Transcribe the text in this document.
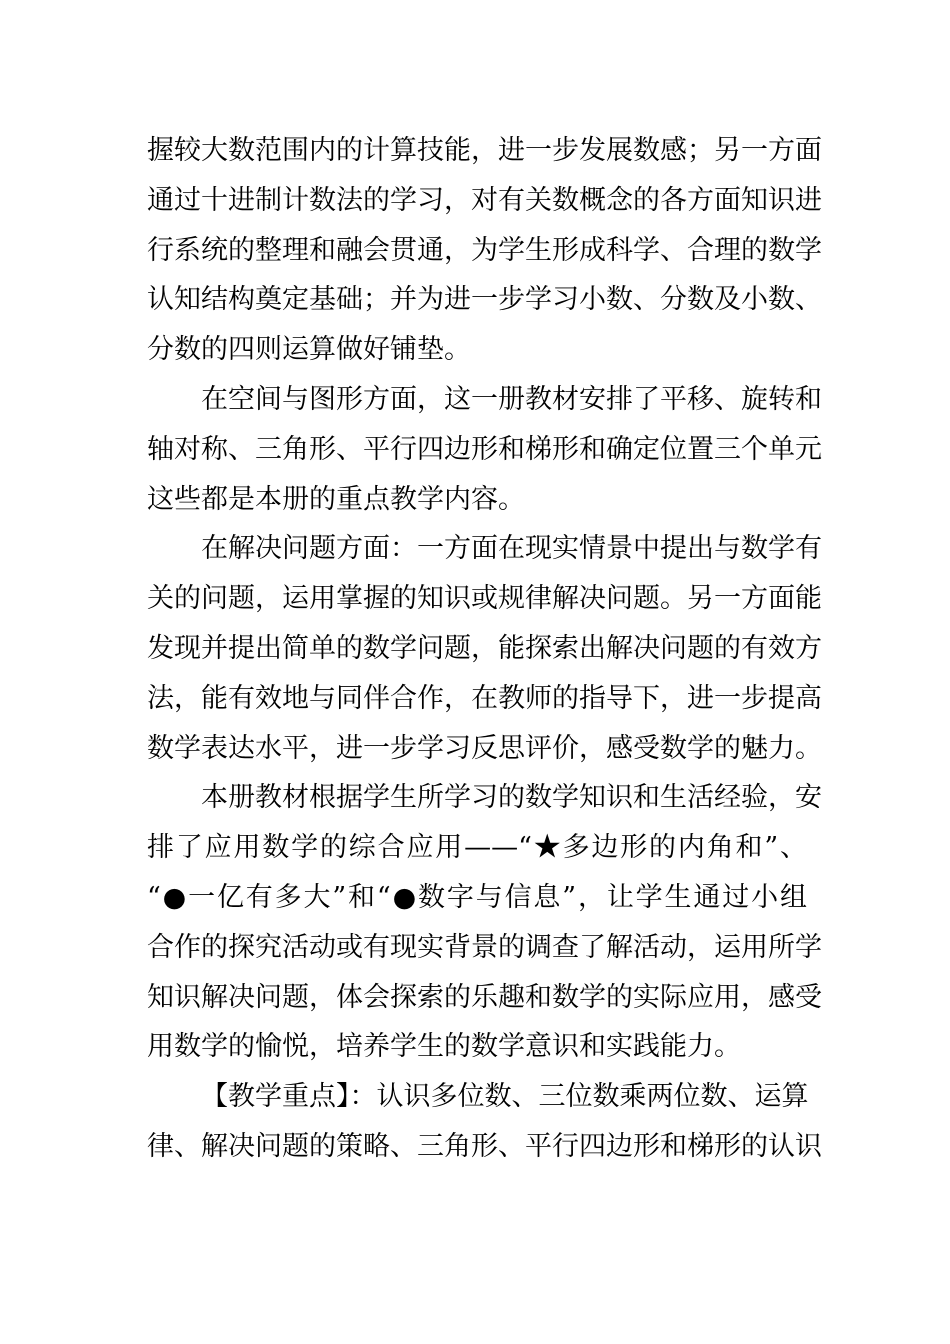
握较大数范围内的计算技能，进一步发展数感；另一方面
通过十进制计数法的学习，对有关数概念的各方面知识进
行系统的整理和融会贯通，为学生形成科学、合理的数学
认知结构奠定基础；并为进一步学习小数、分数及小数、
分数的四则运算做好铺垫。
在空间与图形方面，这一册教材安排了平移、旋转和
轴对称、三角形、平行四边形和梯形和确定位置三个单元
这些都是本册的重点教学内容。
在解决问题方面：一方面在现实情景中提出与数学有
关的问题，运用掌握的知识或规律解决问题。另一方面能
发现并提出简单的数学问题，能探索出解决问题的有效方
法，能有效地与同伴合作，在教师的指导下，进一步提高
数学表达水平，进一步学习反思评价，感受数学的魅力。
本册教材根据学生所学习的数学知识和生活经验，安
排了应用数学的综合应用——“★多边形的内角和”、
“●一亿有多大”和“●数字与信息”，让学生通过小组
合作的探究活动或有现实背景的调查了解活动，运用所学
知识解决问题，体会探索的乐趣和数学的实际应用，感受
用数学的愉悦，培养学生的数学意识和实践能力。
【教学重点】：认识多位数、三位数乘两位数、运算
律、解决问题的策略、三角形、平行四边形和梯形的认识
